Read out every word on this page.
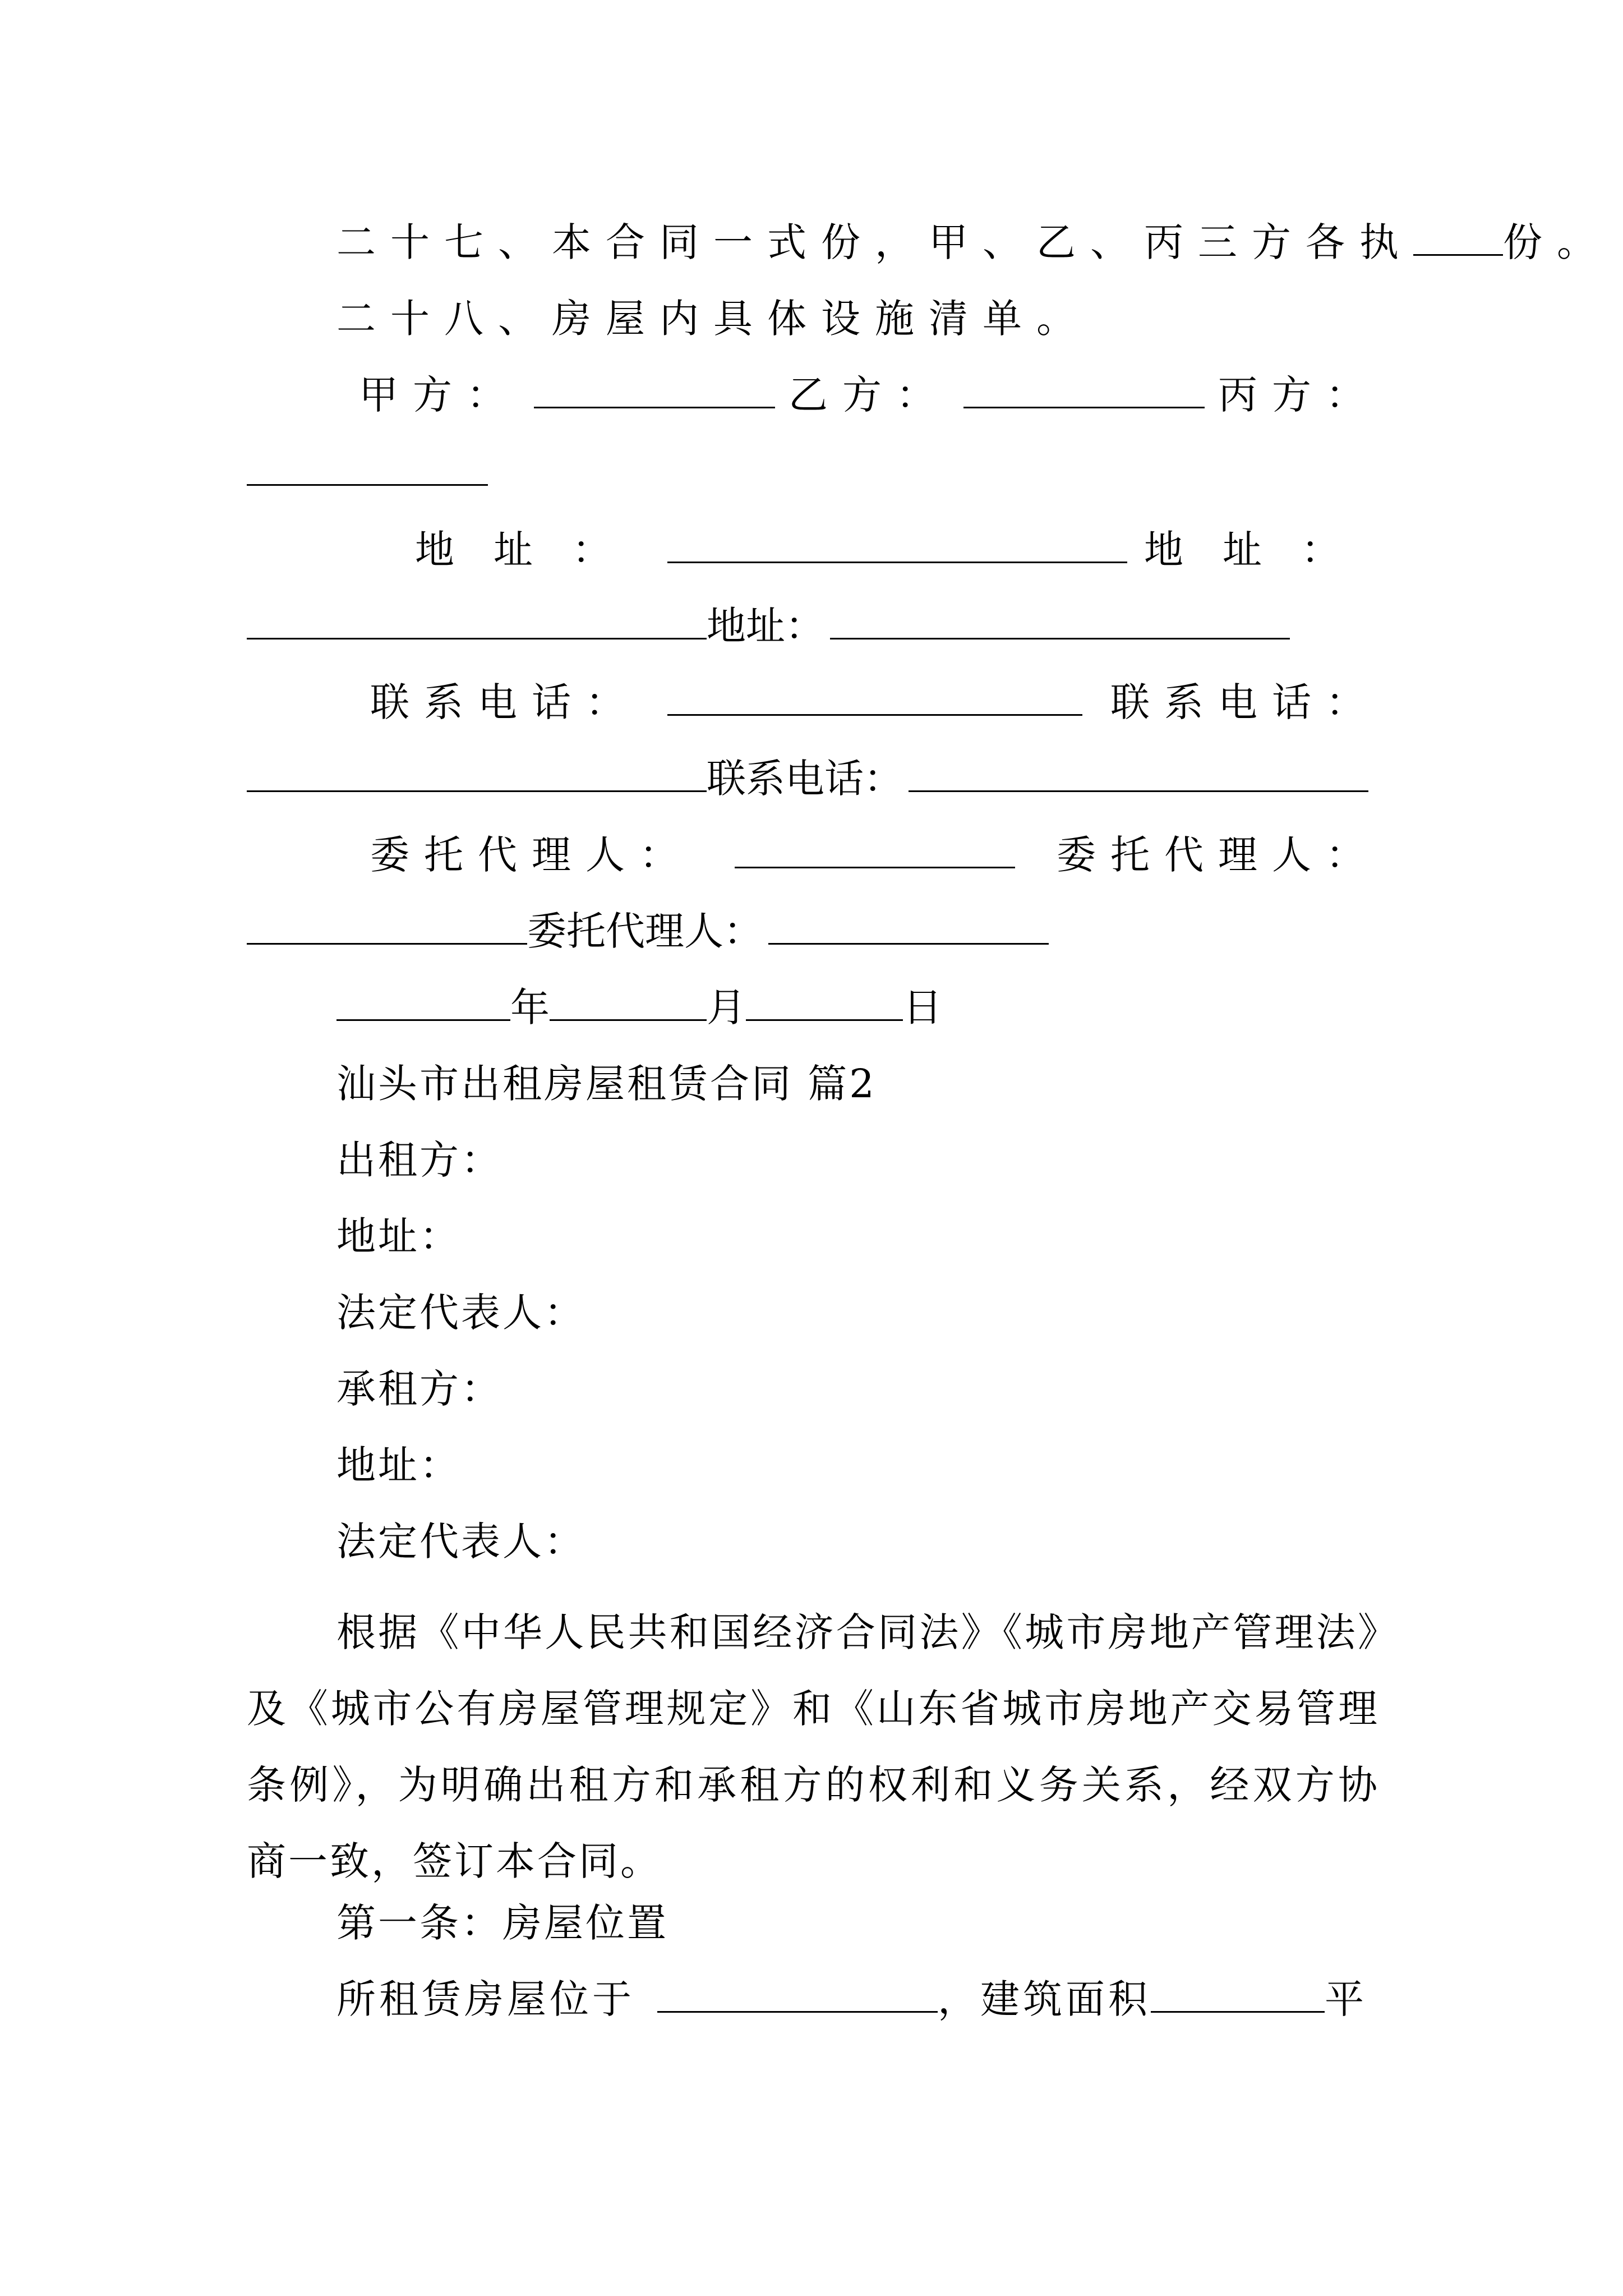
二十七、本合同一式份，甲、乙、丙三方各执 份。
二十八、房屋内具体设施清单。
甲方：	乙方：	丙方：
地址：	地址：
地址：
联系电话：	联系电话：
联系电话：
委托代理人：	委托代理人：
委托代理人：
年	月	日
汕头市出租房屋租赁合同 篇2
出租方：
地址：
法定代表人：
承租方：
地址：
法定代表人：
根据《中华人民共和国经济合同法》《城市房地产管理法》及《城市公有房屋管理规定》和《山东省城市房地产交易管理条例》，为明确出租方和承租方的权利和义务关系，经双方协商一致，签订本合同。
第一条：房屋位置
所租赁房屋位于	，建筑面积	平
